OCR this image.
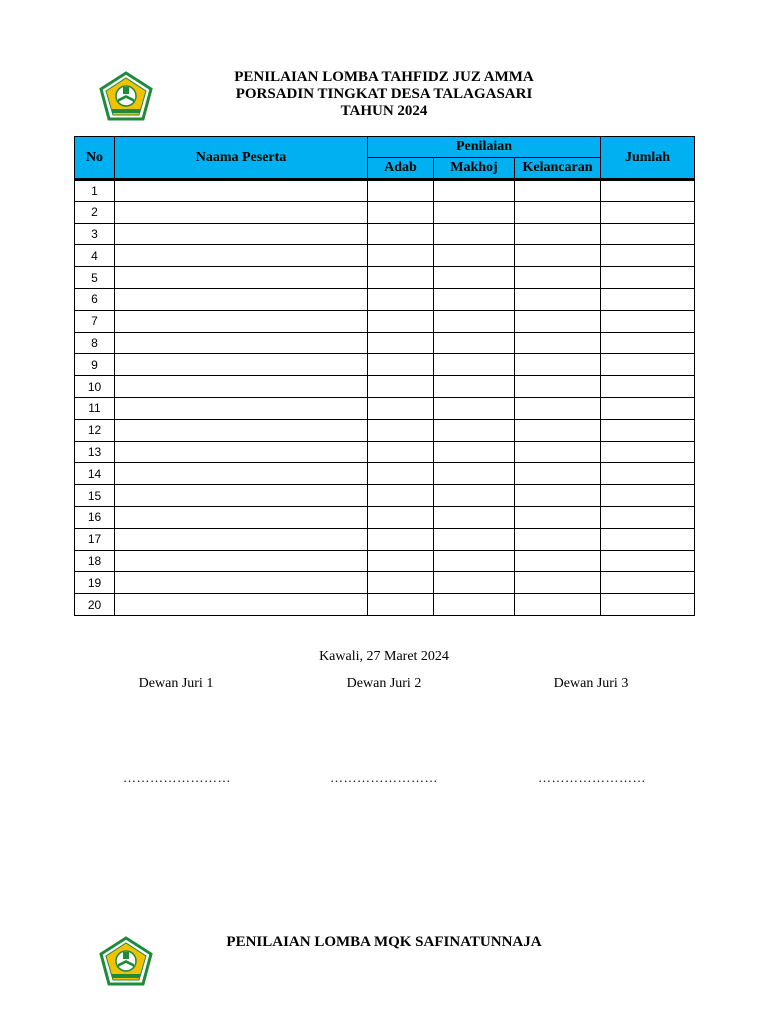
PENILAIAN LOMBA TAHFIDZ JUZ AMMA
PORSADIN TINGKAT DESA TALAGASARI
TAHUN 2024
No	Naama Peserta	Penilaian			Jumlah
		Adab	Makhoj	Kelancaran	
1					
2					
3					
4					
5					
6					
7					
8					
9					
10					
11					
12					
13					
14					
15					
16					
17					
18					
19					
20					
Kawali, 27 Maret 2024
Dewan Juri 1	Dewan Juri 2	Dewan Juri 3
……………………	……………………	……………………
PENILAIAN LOMBA MQK SAFINATUNNAJA
